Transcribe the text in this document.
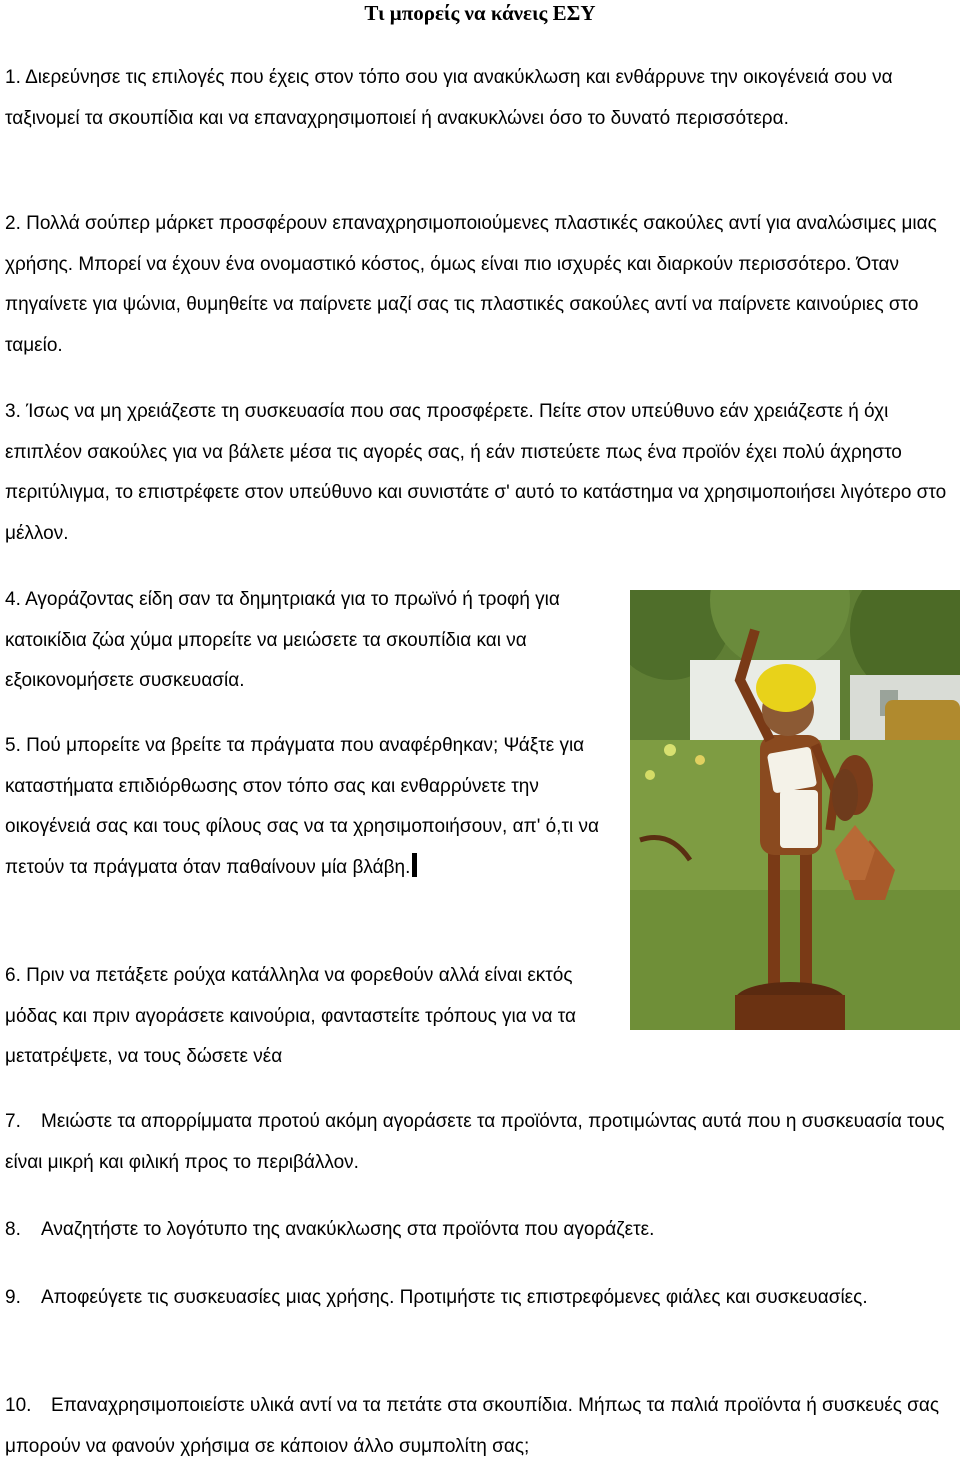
Τι μπορείς να κάνεις ΕΣΥ

1. Διερεύνησε τις επιλογές που έχεις στον τόπο σου για ανακύκλωση και ενθάρρυνε την οικογένειά σου να ταξινομεί τα σκουπίδια και να επαναχρησιμοποιεί ή ανακυκλώνει όσο το δυνατό περισσότερα.

2. Πολλά σούπερ μάρκετ προσφέρουν επαναχρησιμοποιούμενες πλαστικές σακούλες αντί για αναλώσιμες μιας χρήσης. Μπορεί να έχουν ένα ονομαστικό κόστος, όμως είναι πιο ισχυρές και διαρκούν περισσότερο. Όταν πηγαίνετε για ψώνια, θυμηθείτε να παίρνετε μαζί σας τις πλαστικές σακούλες αντί να παίρνετε καινούριες στο ταμείο.

3. Ίσως να μη χρειάζεστε τη συσκευασία που σας προσφέρετε. Πείτε στον υπεύθυνο εάν χρειάζεστε ή όχι επιπλέον σακούλες για να βάλετε μέσα τις αγορές σας, ή εάν πιστεύετε πως ένα προϊόν έχει πολύ άχρηστο περιτύλιγμα, το επιστρέφετε στον υπεύθυνο και συνιστάτε σ' αυτό το κατάστημα να χρησιμοποιήσει λιγότερο στο μέλλον.

4. Αγοράζοντας είδη σαν τα δημητριακά για το πρωϊνό ή τροφή για κατοικίδια ζώα χύμα μπορείτε να μειώσετε τα σκουπίδια και να εξοικονομήσετε συσκευασία.

5. Πού μπορείτε να βρείτε τα πράγματα που αναφέρθηκαν; Ψάξτε για καταστήματα επιδιόρθωσης στον τόπο σας και ενθαρρύνετε την οικογένειά σας και τους φίλους σας να τα χρησιμοποιήσουν, απ' ό,τι να πετούν τα πράγματα όταν παθαίνουν μία βλάβη.

6. Πριν να πετάξετε ρούχα κατάλληλα να φορεθούν αλλά είναι εκτός μόδας και πριν αγοράσετε καινούρια, φανταστείτε τρόπους για να τα μετατρέψετε, να τους δώσετε νέα

7. Μειώστε τα απορρίμματα προτού ακόμη αγοράσετε τα προϊόντα, προτιμώντας αυτά που η συσκευασία τους είναι μικρή και φιλική προς το περιβάλλον.

8. Αναζητήστε το λογότυπο της ανακύκλωσης στα προϊόντα που αγοράζετε.

9. Αποφεύγετε τις συσκευασίες μιας χρήσης. Προτιμήστε τις επιστρεφόμενες φιάλες και συσκευασίες.

10. Επαναχρησιμοποιείστε υλικά αντί να τα πετάτε στα σκουπίδια. Μήπως τα παλιά προϊόντα ή συσκευές σας μπορούν να φανούν χρήσιμα σε κάποιον άλλο συμπολίτη σας;
